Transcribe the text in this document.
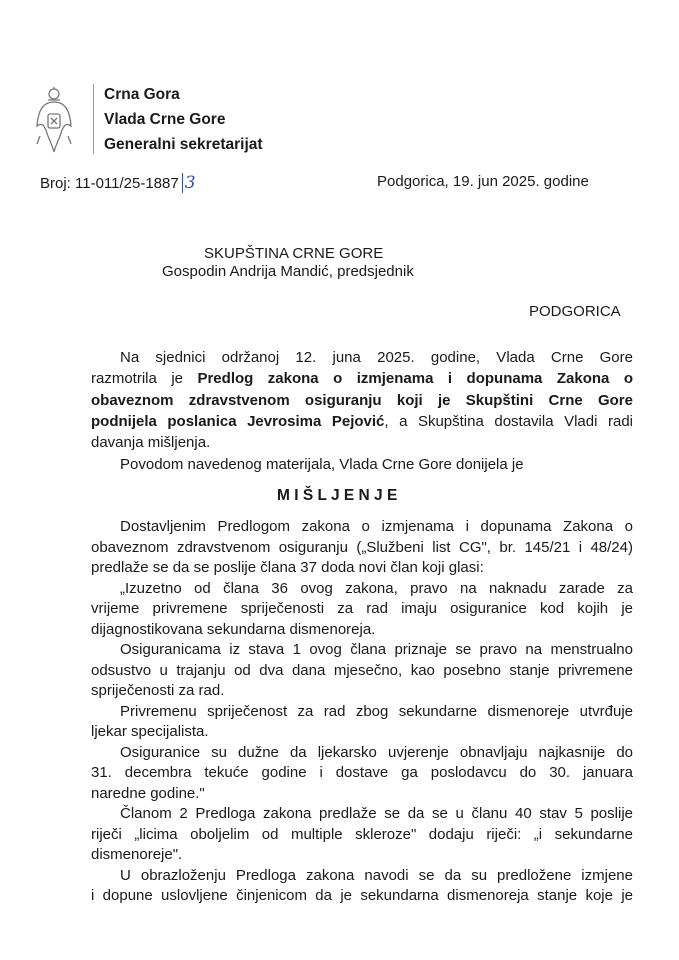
Crna Gora
Vlada Crne Gore
Generalni sekretarijat
Broj: 11-011/25-1887 3	Podgorica, 19. jun 2025. godine
SKUPŠTINA CRNE GORE
Gospodin Andrija Mandić, predsjednik
PODGORICA
Na sjednici održanoj 12. juna 2025. godine, Vlada Crne Gore
razmotrila je Predlog zakona o izmjenama i dopunama Zakona o
obaveznom zdravstvenom osiguranju koji je Skupštini Crne Gore
podnijela poslanica Jevrosima Pejović, a Skupština dostavila Vladi radi
davanja mišljenja.
Povodom navedenog materijala, Vlada Crne Gore donijela je
M I Š L J E N J E
Dostavljenim Predlogom zakona o izmjenama i dopunama Zakona o
obaveznom zdravstvenom osiguranju („Službeni list CG", br. 145/21 i 48/24)
predlaže se da se poslije člana 37 doda novi član koji glasi:
„Izuzetno od člana 36 ovog zakona, pravo na naknadu zarade za
vrijeme privremene spriječenosti za rad imaju osiguranice kod kojih je
dijagnostikovana sekundarna dismenoreja.
Osiguranicama iz stava 1 ovog člana priznaje se pravo na menstrualno
odsustvo u trajanju od dva dana mjesečno, kao posebno stanje privremene
spriječenosti za rad.
Privremenu spriječenost za rad zbog sekundarne dismenoreje utvrđuje
ljekar specijalista.
Osiguranice su dužne da ljekarsko uvjerenje obnavljaju najkasnije do
31. decembra tekuće godine i dostave ga poslodavcu do 30. januara
naredne godine."
Članom 2 Predloga zakona predlaže se da se u članu 40 stav 5 poslije
riječi „licima oboljelim od multiple skleroze" dodaju riječi: „i sekundarne
dismenoreje".
U obrazloženju Predloga zakona navodi se da su predložene izmjene
i dopune uslovljene činjenicom da je sekundarna dismenoreja stanje koje je
